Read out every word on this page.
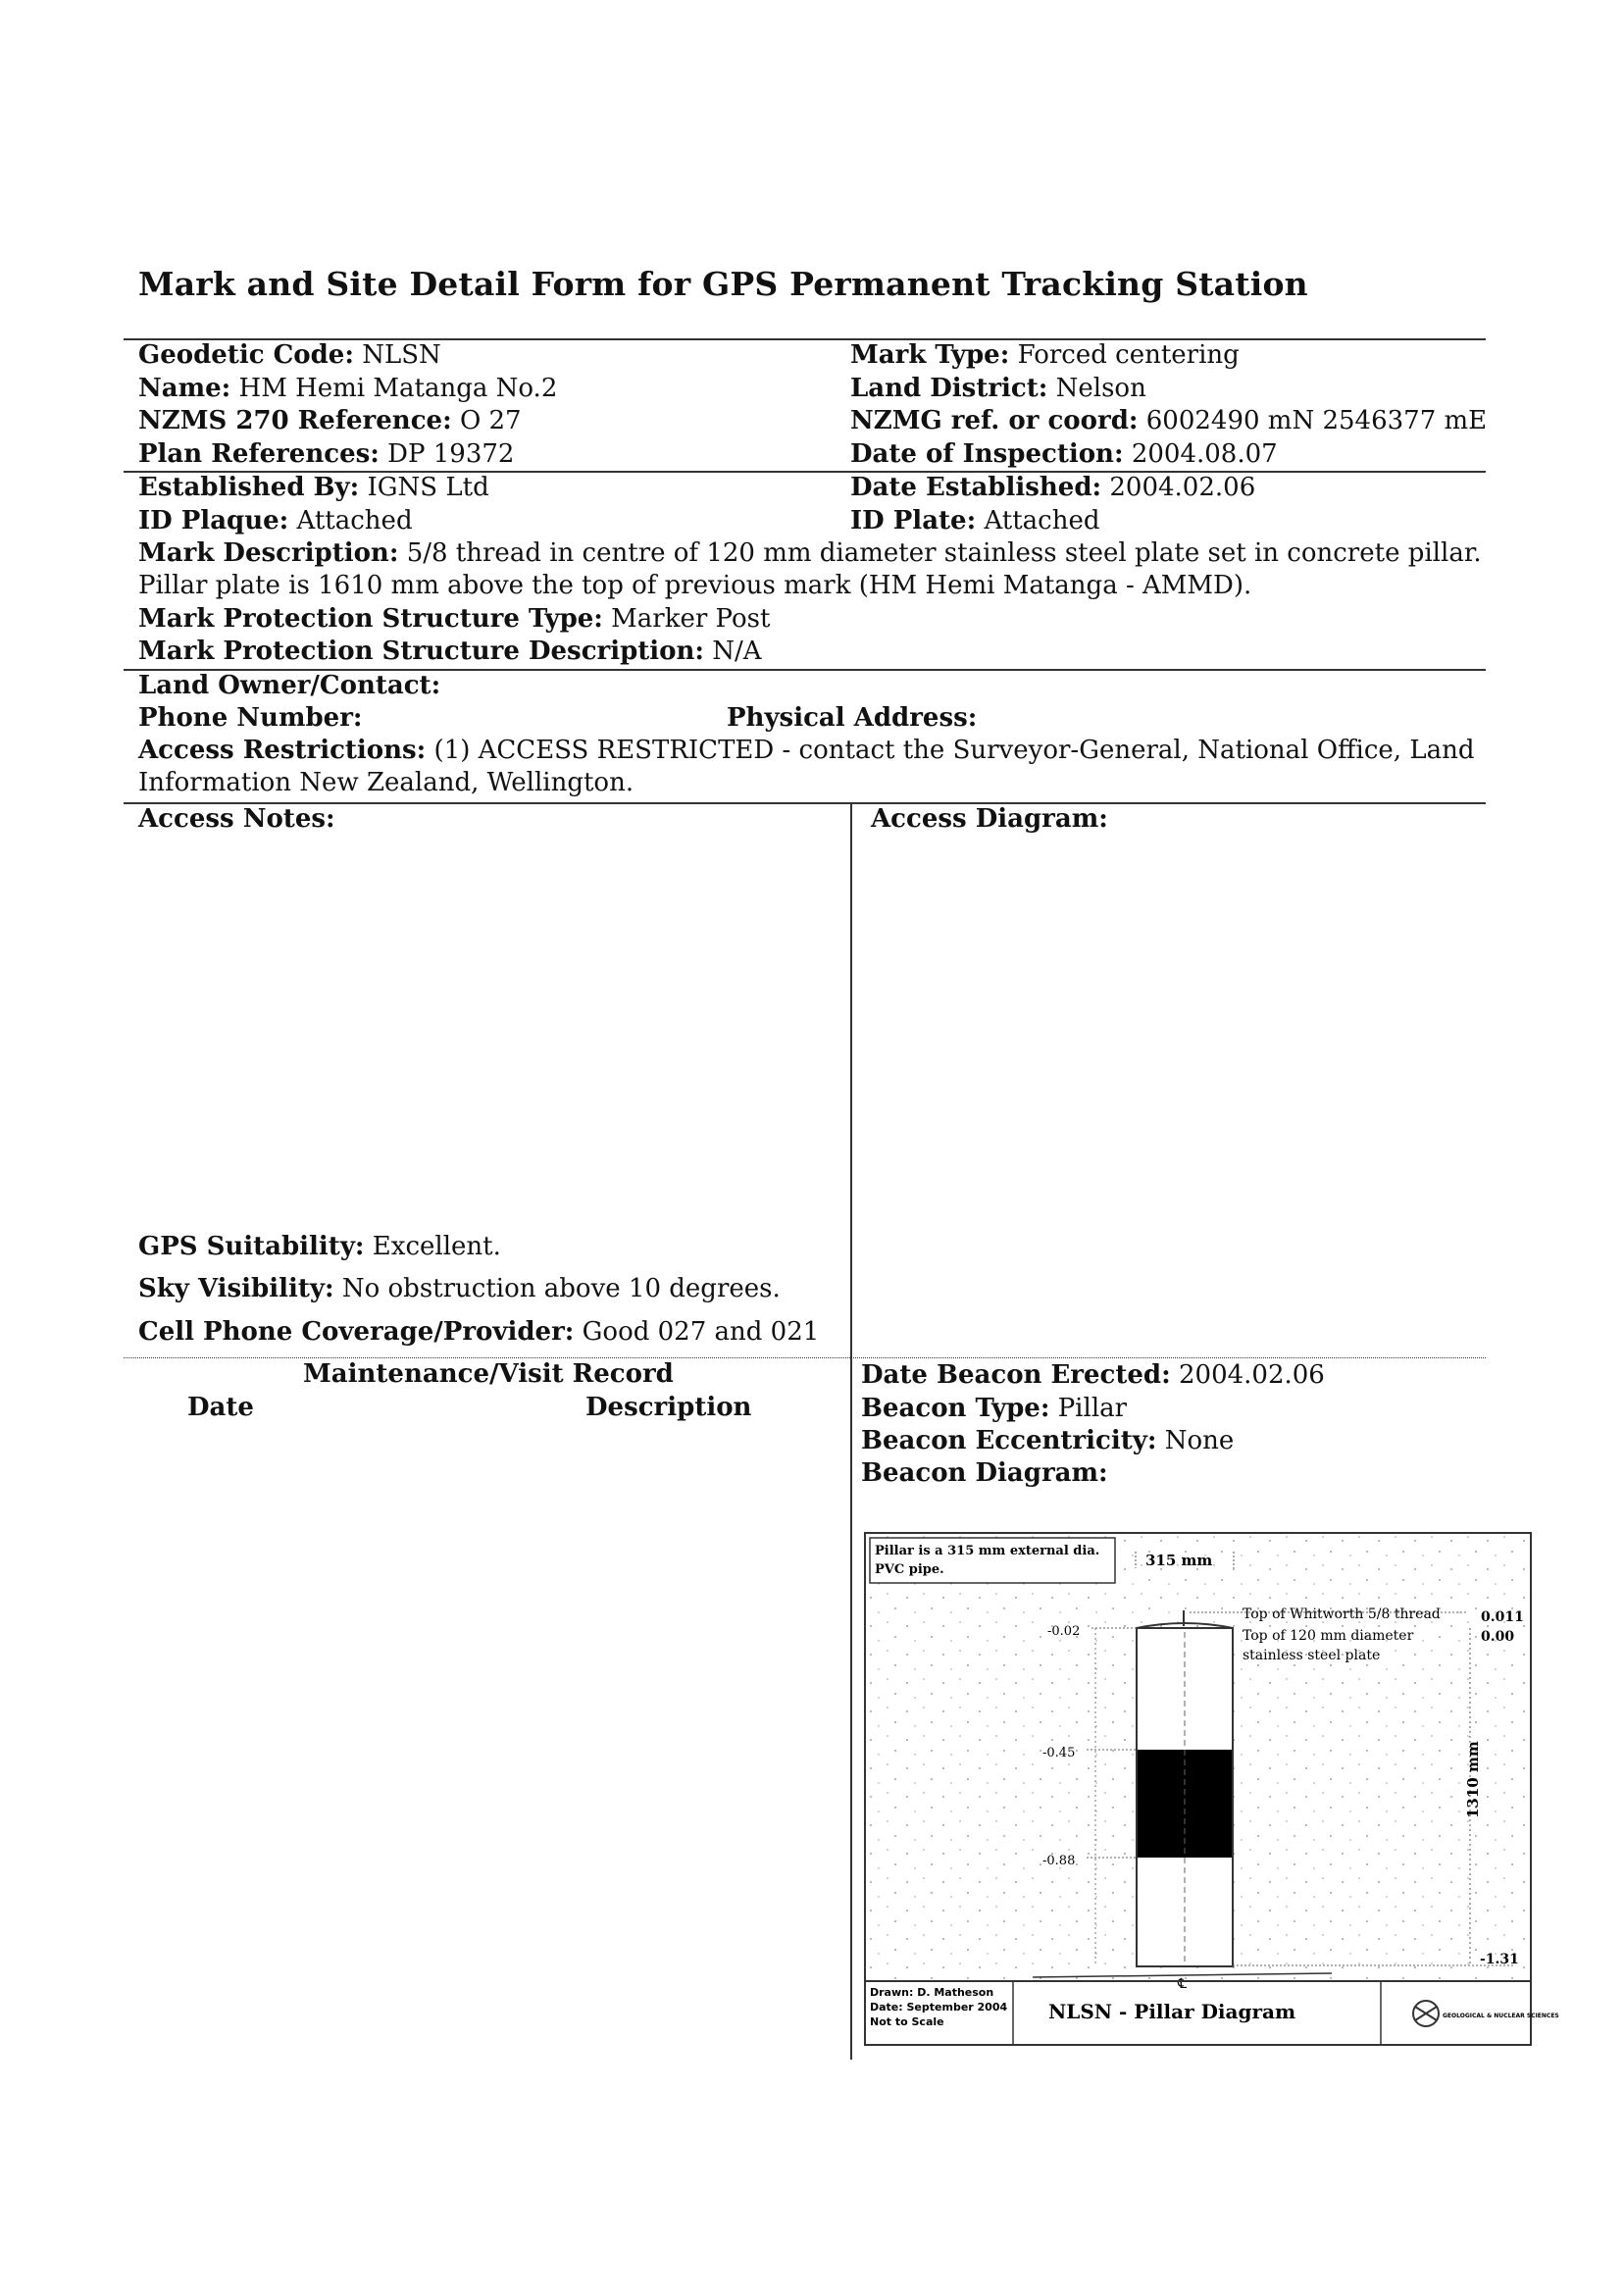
Mark and Site Detail Form for GPS Permanent Tracking Station
Geodetic Code: NLSN	Mark Type: Forced centering
Name: HM Hemi Matanga No.2	Land District: Nelson
NZMS 270 Reference: O 27	NZMG ref. or coord: 6002490 mN 2546377 mE
Plan References: DP 19372	Date of Inspection: 2004.08.07
Established By: IGNS Ltd	Date Established: 2004.02.06
ID Plaque: Attached	ID Plate: Attached
Mark Description: 5/8 thread in centre of 120 mm diameter stainless steel plate set in concrete pillar. Pillar plate is 1610 mm above the top of previous mark (HM Hemi Matanga - AMMD).
Mark Protection Structure Type: Marker Post
Mark Protection Structure Description: N/A
Land Owner/Contact:
Phone Number:	Physical Address:
Access Restrictions: (1) ACCESS RESTRICTED - contact the Surveyor-General, National Office, Land Information New Zealand, Wellington.
Access Notes:	Access Diagram:
GPS Suitability: Excellent.
Sky Visibility: No obstruction above 10 degrees.
Cell Phone Coverage/Provider: Good 027 and 021
Maintenance/Visit Record
Date	Description
Date Beacon Erected: 2004.02.06
Beacon Type: Pillar
Beacon Eccentricity: None
Beacon Diagram:
Pillar is a 315 mm external dia.
PVC pipe.
315 mm
-0.02
-0.45
-0.88
Top of Whitworth 5/8 thread	0.011
Top of 120 mm diameter
stainless steel plate
0.00
1310 mm
-1.31
℄
Drawn: D. Matheson
Date: September 2004
Not to Scale	NLSN - Pillar Diagram	GEOLOGICAL & NUCLEAR SCIENCES
